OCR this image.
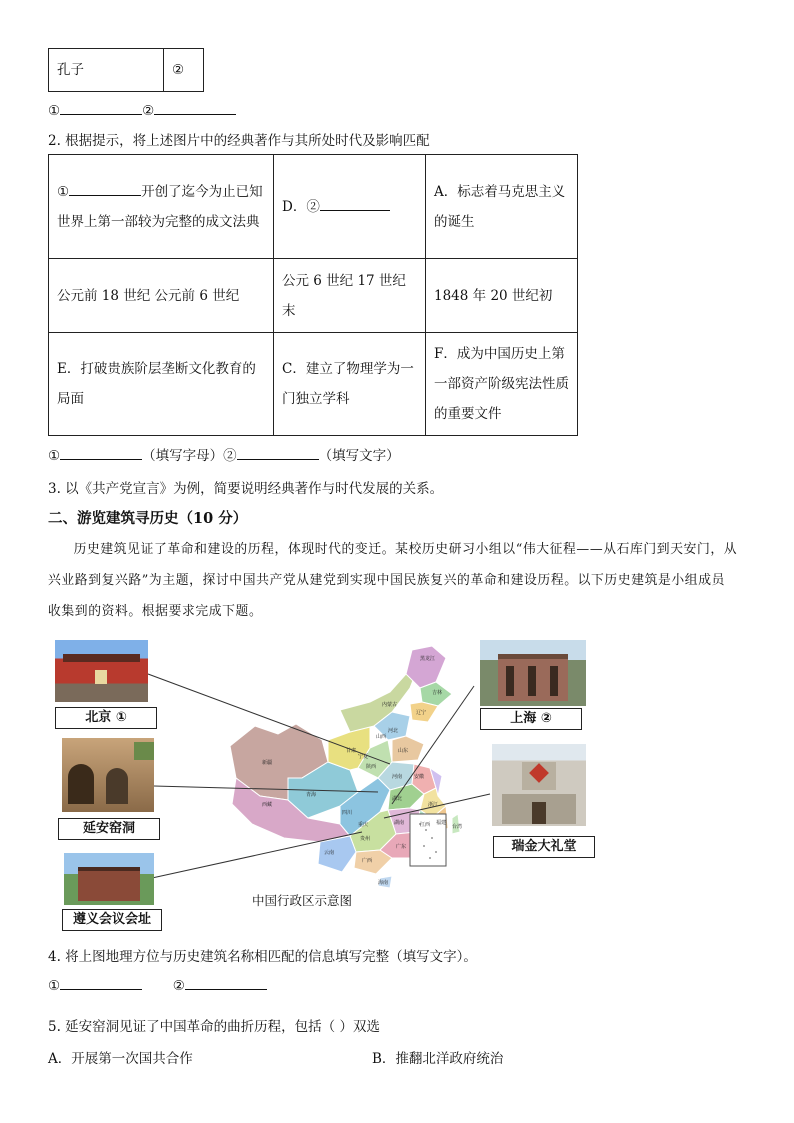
孔子	②
①	②
2. 根据提示，将上述图片中的经典著作与其所处时代及影响匹配
① 开创了迄今为止已知世界上第一部较为完整的成文法典	D．②	A．标志着马克思主义的诞生
公元前 18 世纪 公元前 6 世纪	公元 6 世纪 17 世纪末	1848 年 20 世纪初
E．打破贵族阶层垄断文化教育的局面	C．建立了物理学为一门独立学科	F．成为中国历史上第一部资产阶级宪法性质的重要文件
①	（填写字母）②	（填写文字）
3. 以《共产党宣言》为例，简要说明经典著作与时代发展的关系。
二、游览建筑寻历史（10 分）
历史建筑见证了革命和建设的历程，体现时代的变迁。某校历史研习小组以“伟大征程——从石库门到天安门，从兴业路到复兴路”为主题，探讨中国共产党从建党到实现中国民族复兴的革命和建设历程。以下历史建筑是小组成员收集到的资料。根据要求完成下题。
黑龙江
吉林
辽宁
内蒙古
新疆
西藏
青海
甘肃
四川
河南
湖北
湖南
广东
广西
贵州
云南
江西 福建
浙江
山东
安徽
台湾
海南
陕西
山西
河北
宁夏
重庆
北京 ①
延安窑洞
遵义会议会址
上海 ②
瑞金大礼堂
中国行政区示意图
4. 将上图地理方位与历史建筑名称相匹配的信息填写完整（填写文字）。
①	②
5. 延安窑洞见证了中国革命的曲折历程，包括（ ）双选
A．开展第一次国共合作	B．推翻北洋政府统治
